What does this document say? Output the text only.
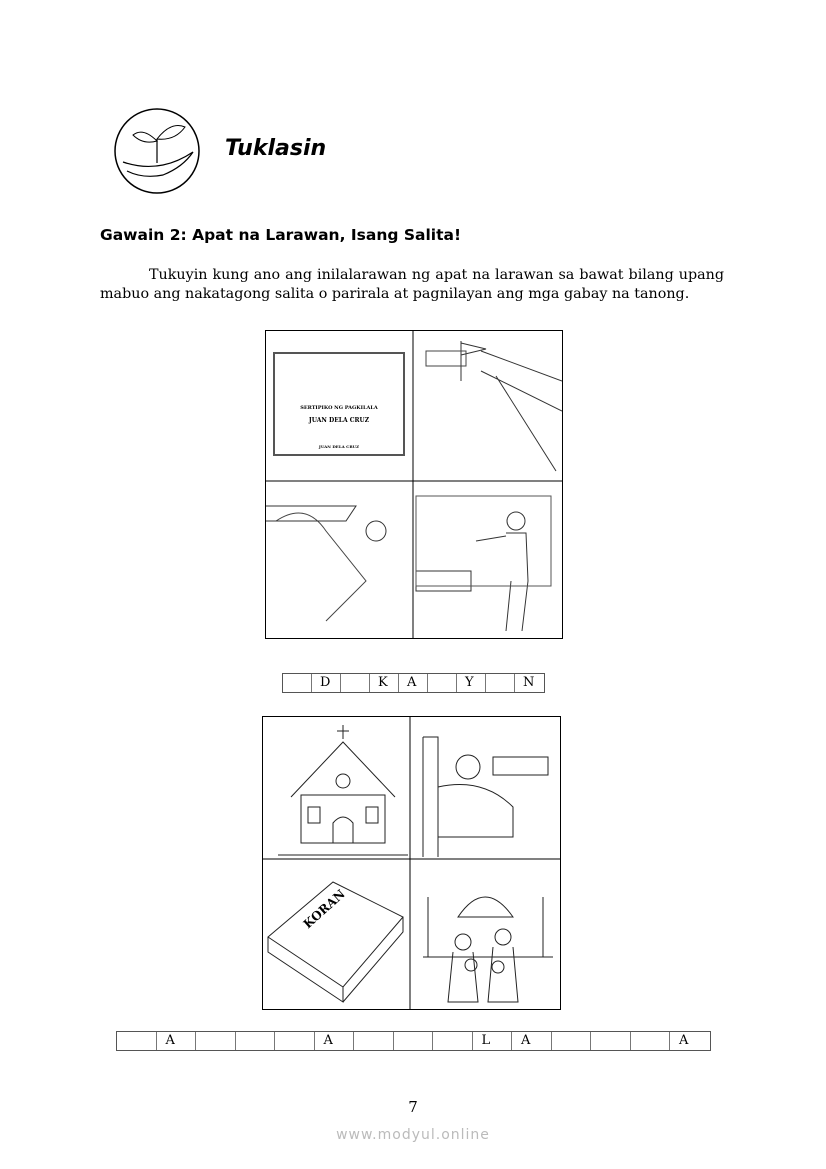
Tuklasin
Gawain 2: Apat na Larawan, Isang Salita!
Tukuyin kung ano ang inilalarawan ng apat na larawan sa bawat bilang upang mabuo ang nakatagong salita o parirala at pagnilayan ang mga gabay na tanong.
SERTIPIKO NG PAGKILALA
JUAN DELA CRUZ
JUAN DELA CRUZ
D	K	A	Y	N
KORAN
A	A	L	A	A
7
www.modyul.online
